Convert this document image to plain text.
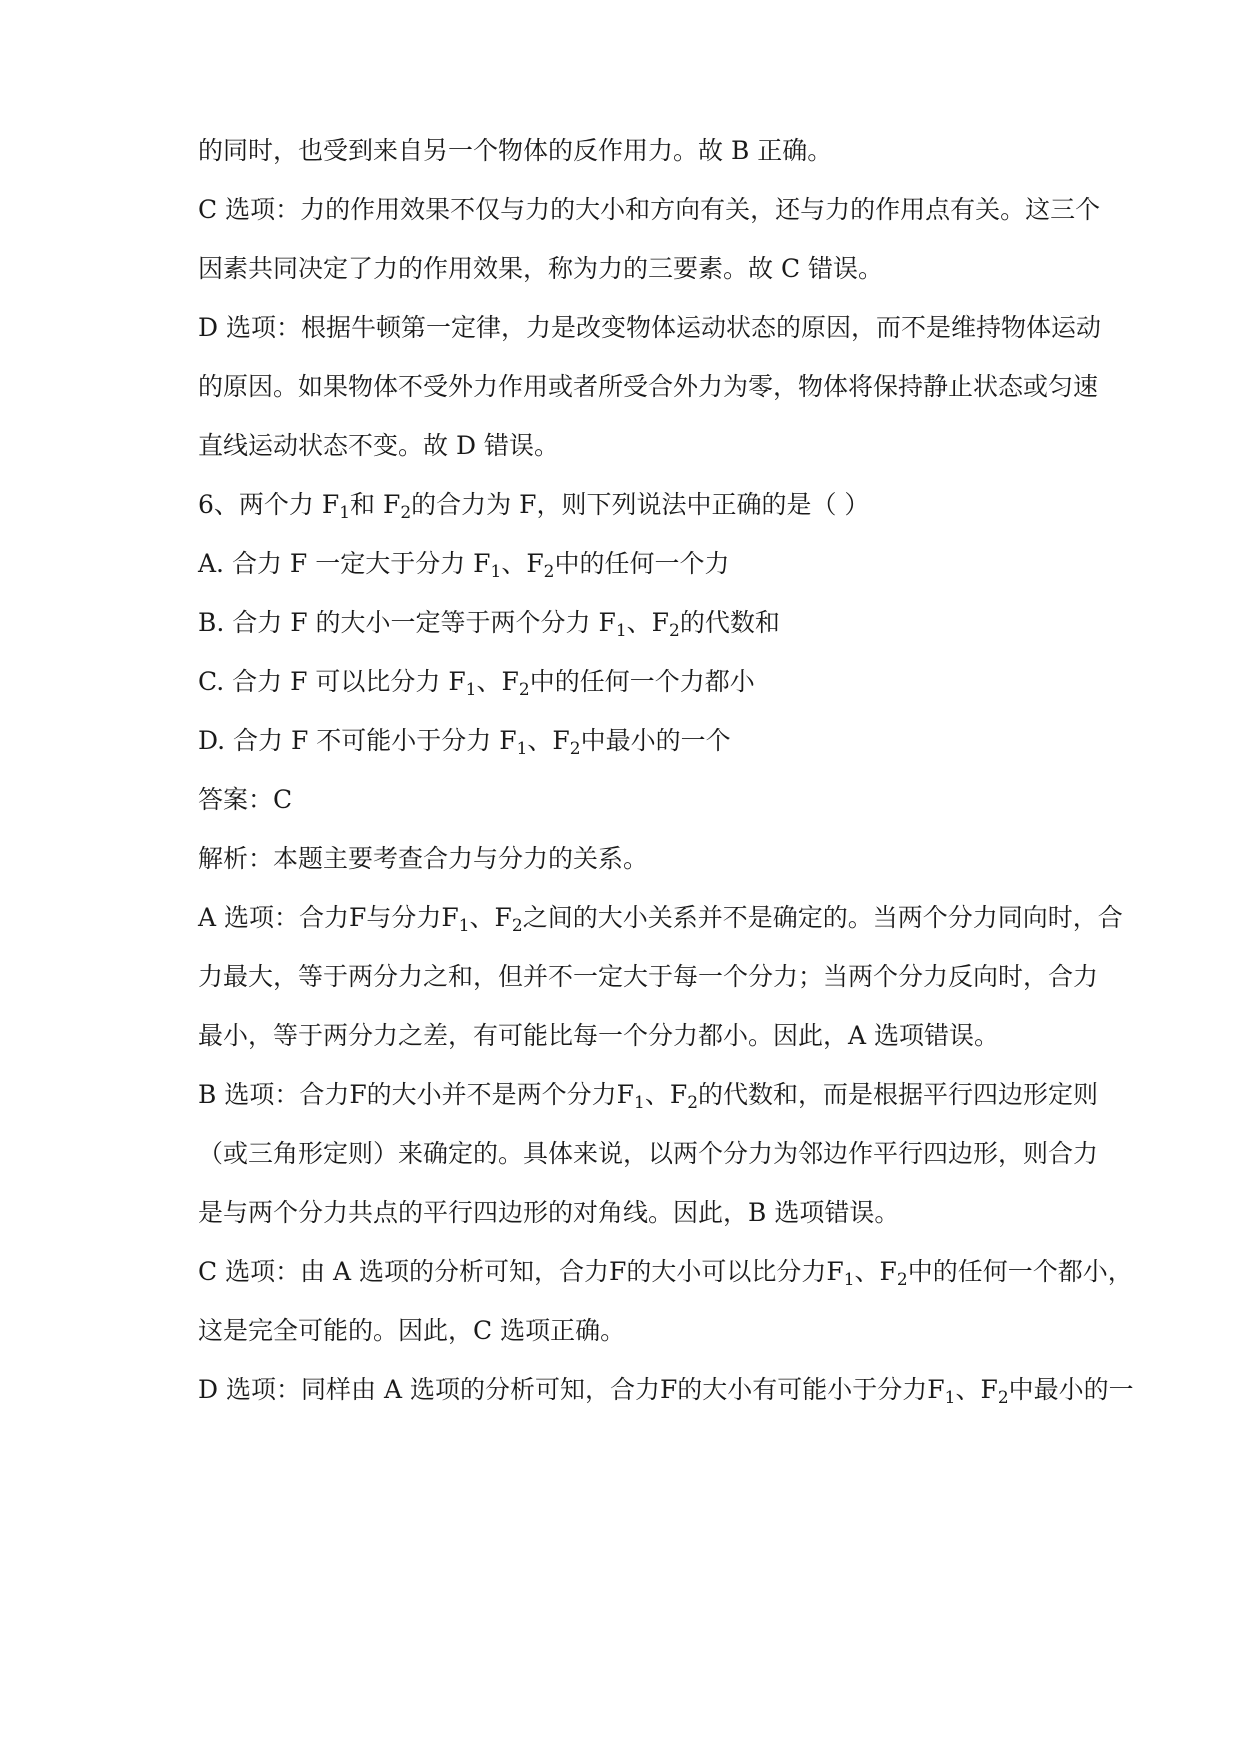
的同时，也受到来自另一个物体的反作用力。故 B 正确。
C 选项：力的作用效果不仅与力的大小和方向有关，还与力的作用点有关。这三个
因素共同决定了力的作用效果，称为力的三要素。故 C 错误。
D 选项：根据牛顿第一定律，力是改变物体运动状态的原因，而不是维持物体运动
的原因。如果物体不受外力作用或者所受合外力为零，物体将保持静止状态或匀速
直线运动状态不变。故 D 错误。
6、两个力 $F_1$和 $F_2$的合力为 F，则下列说法中正确的是（ ）
A. 合力 F 一定大于分力 $F_1$、$F_2$中的任何一个力
B. 合力 F 的大小一定等于两个分力 $F_1$、$F_2$的代数和
C. 合力 F 可以比分力 $F_1$、$F_2$中的任何一个力都小
D. 合力 F 不可能小于分力 $F_1$、$F_2$中最小的一个
答案：C
解析：本题主要考查合力与分力的关系。
A 选项：合力F与分力$F_1$、$F_2$之间的大小关系并不是确定的。当两个分力同向时，合
力最大，等于两分力之和，但并不一定大于每一个分力；当两个分力反向时，合力
最小，等于两分力之差，有可能比每一个分力都小。因此，A 选项错误。
B 选项：合力F的大小并不是两个分力$F_1$、$F_2$的代数和，而是根据平行四边形定则
（或三角形定则）来确定的。具体来说，以两个分力为邻边作平行四边形，则合力
是与两个分力共点的平行四边形的对角线。因此，B 选项错误。
C 选项：由 A 选项的分析可知，合力F的大小可以比分力$F_1$、$F_2$中的任何一个都小，
这是完全可能的。因此，C 选项正确。
D 选项：同样由 A 选项的分析可知，合力F的大小有可能小于分力$F_1$、$F_2$中最小的一
